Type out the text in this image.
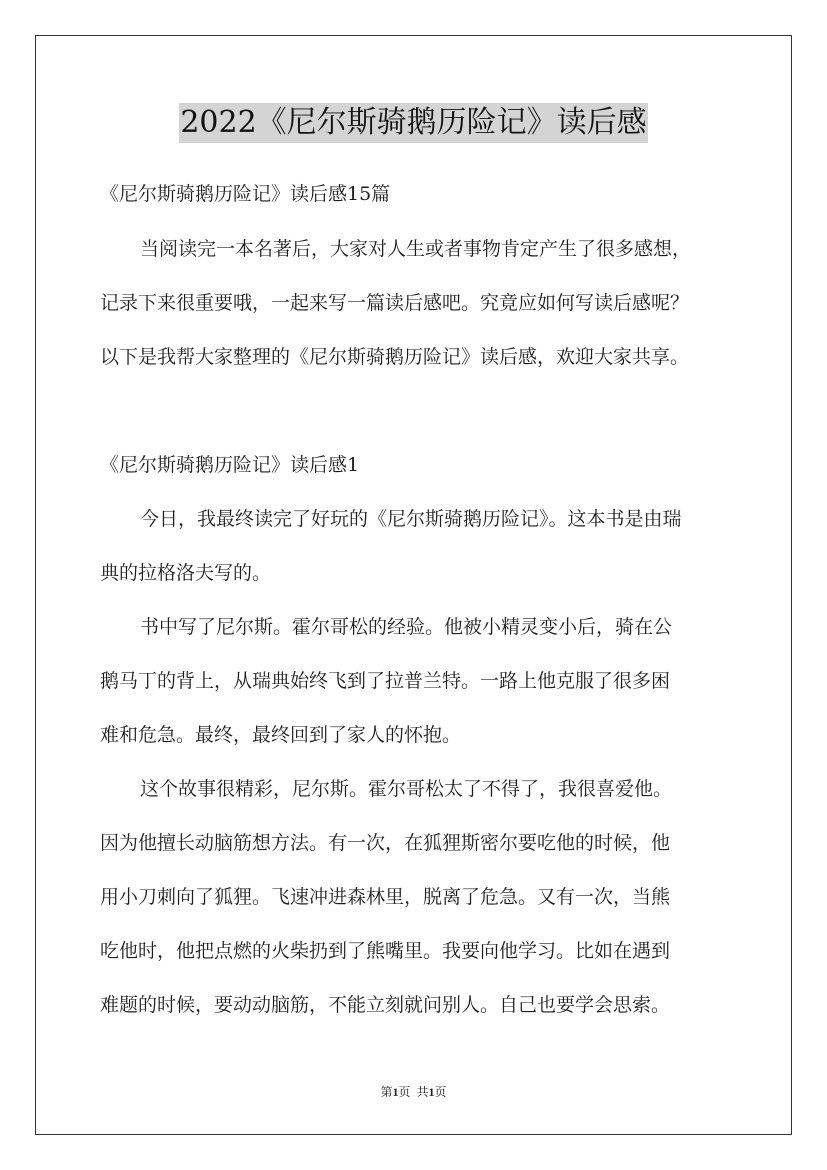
2022《尼尔斯骑鹅历险记》读后感
《尼尔斯骑鹅历险记》读后感15篇
当阅读完一本名著后，大家对人生或者事物肯定产生了很多感想，
记录下来很重要哦，一起来写一篇读后感吧。究竟应如何写读后感呢？
以下是我帮大家整理的《尼尔斯骑鹅历险记》读后感，欢迎大家共享。
《尼尔斯骑鹅历险记》读后感1
今日，我最终读完了好玩的《尼尔斯骑鹅历险记》。这本书是由瑞
典的拉格洛夫写的。
书中写了尼尔斯。霍尔哥松的经验。他被小精灵变小后，骑在公
鹅马丁的背上，从瑞典始终飞到了拉普兰特。一路上他克服了很多困
难和危急。最终，最终回到了家人的怀抱。
这个故事很精彩，尼尔斯。霍尔哥松太了不得了，我很喜爱他。
因为他擅长动脑筋想方法。有一次，在狐狸斯密尔要吃他的时候，他
用小刀刺向了狐狸。飞速冲进森林里，脱离了危急。又有一次，当熊
吃他时，他把点燃的火柴扔到了熊嘴里。我要向他学习。比如在遇到
难题的时候，要动动脑筋，不能立刻就问别人。自己也要学会思索。
第1页 共1页
